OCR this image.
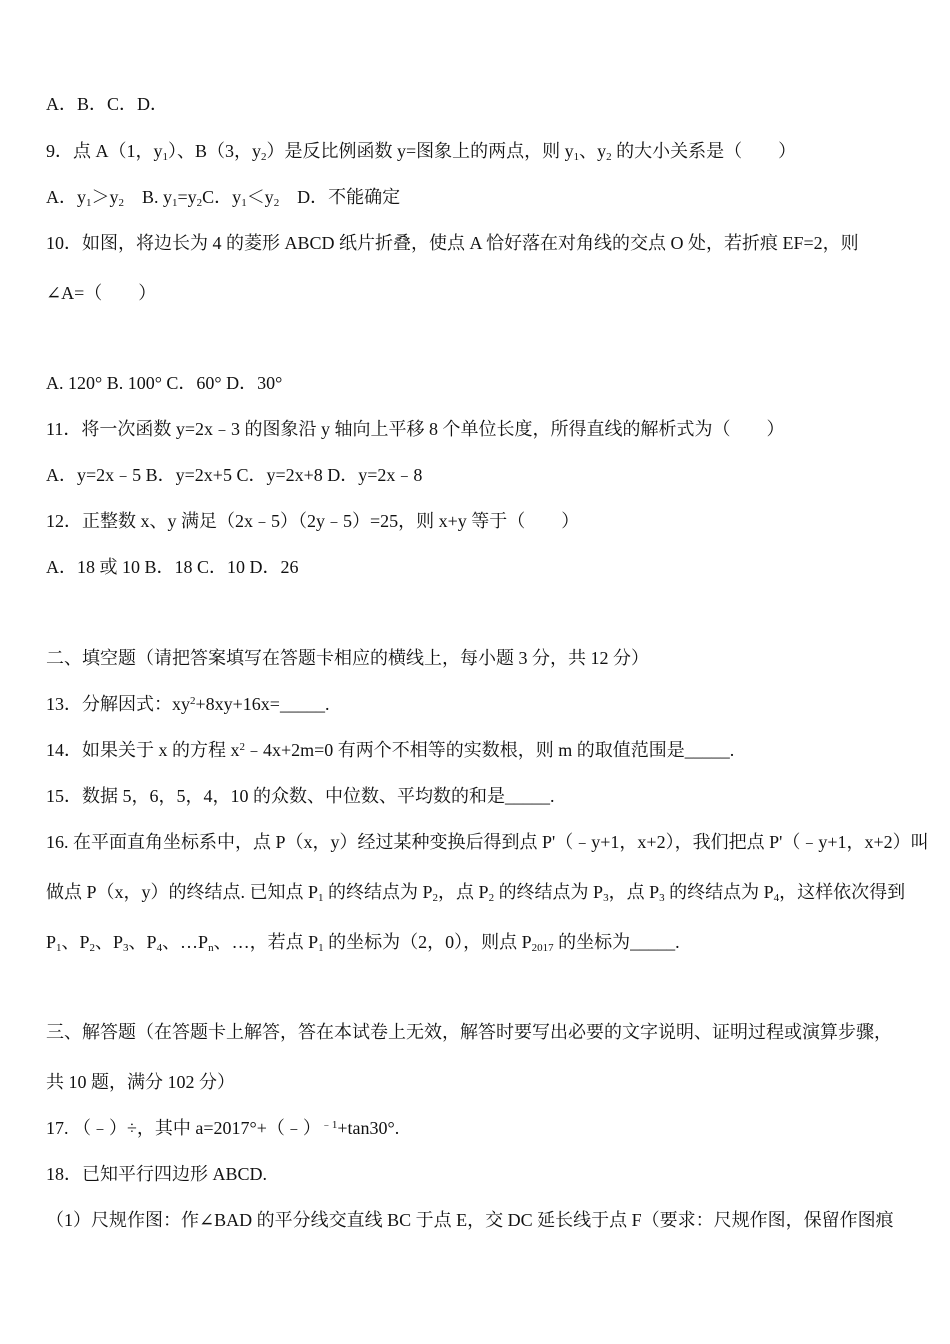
A．B．C．D．
9．点 A（1，$y_1$）、B（3，$y_2$）是反比例函数 y=图象上的两点，则 $y_1$、$y_2$ 的大小关系是（　　）
A．$y_1>y_2$　B. $y_1=y_2C$．$y_1<y_2$　D．不能确定
10．如图，将边长为 4 的菱形 ABCD 纸片折叠，使点 A 恰好落在对角线的交点 O 处，若折痕 EF=2，则
∠A=（　　）
A. 120° B. 100° C．60° D．30°
11．将一次函数 y=2x﹣3 的图象沿 y 轴向上平移 8 个单位长度，所得直线的解析式为（　　）
A．y=2x﹣5 B．y=2x+5 C．y=2x+8 D．y=2x﹣8
12．正整数 x、y 满足（2x﹣5）（2y﹣5）=25，则 x+y 等于（　　）
A．18 或 10 B．18 C．10 D．26
二、填空题（请把答案填写在答题卡相应的横线上，每小题 3 分，共 12 分）
13．分解因式：$xy^2+8xy+16x=\_\_\_\_\_$.
14．如果关于 x 的方程 $x^2﹣4x+2m=0$ 有两个不相等的实数根，则 m 的取值范围是_____.
15．数据 5，6，5，4，10 的众数、中位数、平均数的和是_____.
16. 在平面直角坐标系中，点 P（x，y）经过某种变换后得到点 P'（﹣y+1，x+2），我们把点 P'（﹣y+1，x+2）叫
做点 P（x，y）的终结点. 已知点 $P_1$ 的终结点为 $P_2$，点 $P_2$ 的终结点为 $P_3$，点 $P_3$ 的终结点为 $P_4$，这样依次得到
$P_1$、$P_2$、$P_3$、$P_4$、$\dots P_n$、…，若点 $P_1$ 的坐标为（2，0），则点 $P_{2017}$ 的坐标为_____.
三、解答题（在答题卡上解答，答在本试卷上无效，解答时要写出必要的文字说明、证明过程或演算步骤，
共 10 题，满分 102 分）
17. （﹣）÷，其中 a=2017°+（﹣）$^{﹣1}$+tan30°.
18．已知平行四边形 ABCD.
（1）尺规作图：作∠BAD 的平分线交直线 BC 于点 E，交 DC 延长线于点 F（要求：尺规作图，保留作图痕
